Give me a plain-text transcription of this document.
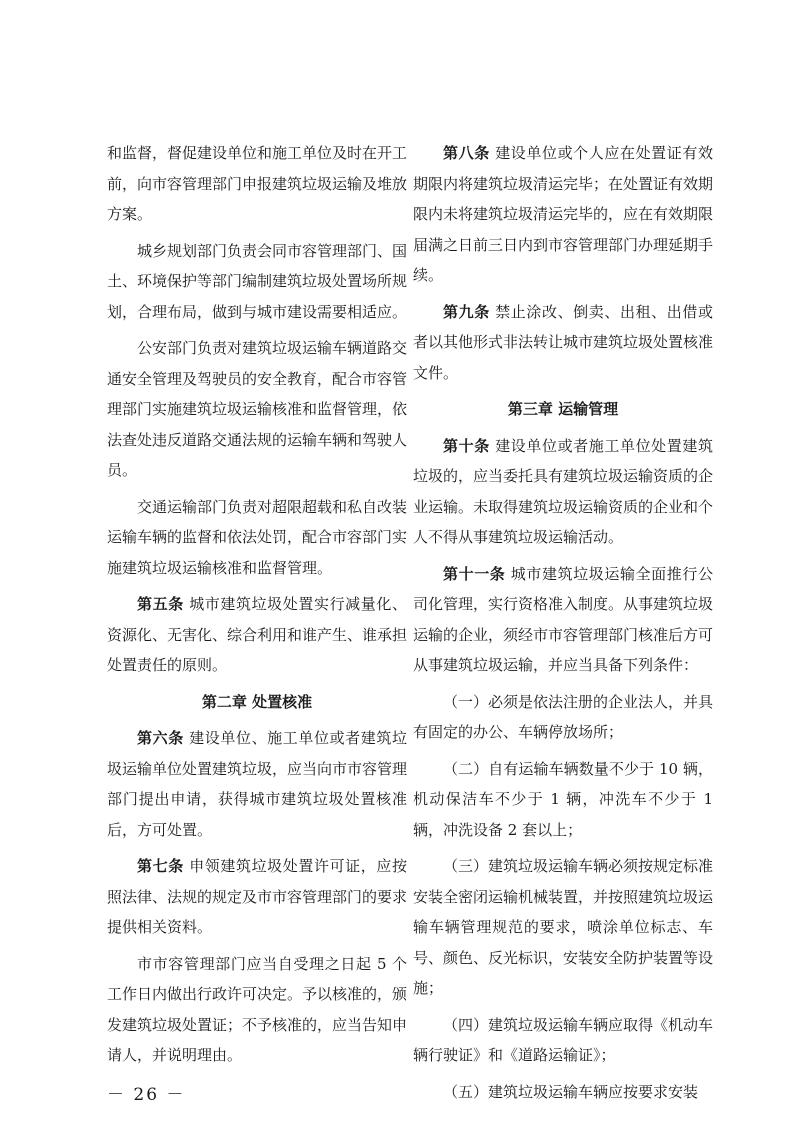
和监督，督促建设单位和施工单位及时在开工前，向市容管理部门申报建筑垃圾运输及堆放方案。
城乡规划部门负责会同市容管理部门、国土、环境保护等部门编制建筑垃圾处置场所规划，合理布局，做到与城市建设需要相适应。
公安部门负责对建筑垃圾运输车辆道路交通安全管理及驾驶员的安全教育，配合市容管理部门实施建筑垃圾运输核准和监督管理，依法查处违反道路交通法规的运输车辆和驾驶人员。
交通运输部门负责对超限超载和私自改装运输车辆的监督和依法处罚，配合市容部门实施建筑垃圾运输核准和监督管理。
第五条 城市建筑垃圾处置实行减量化、资源化、无害化、综合利用和谁产生、谁承担处置责任的原则。
第二章 处置核准
第六条 建设单位、施工单位或者建筑垃圾运输单位处置建筑垃圾，应当向市市容管理部门提出申请，获得城市建筑垃圾处置核准后，方可处置。
第七条 申领建筑垃圾处置许可证，应按照法律、法规的规定及市市容管理部门的要求提供相关资料。
市市容管理部门应当自受理之日起 5 个工作日内做出行政许可决定。予以核准的，颁发建筑垃圾处置证；不予核准的，应当告知申请人，并说明理由。
第八条 建设单位或个人应在处置证有效期限内将建筑垃圾清运完毕；在处置证有效期限内未将建筑垃圾清运完毕的，应在有效期限届满之日前三日内到市容管理部门办理延期手续。
第九条 禁止涂改、倒卖、出租、出借或者以其他形式非法转让城市建筑垃圾处置核准文件。
第三章 运输管理
第十条 建设单位或者施工单位处置建筑垃圾的，应当委托具有建筑垃圾运输资质的企业运输。未取得建筑垃圾运输资质的企业和个人不得从事建筑垃圾运输活动。
第十一条 城市建筑垃圾运输全面推行公司化管理，实行资格准入制度。从事建筑垃圾运输的企业，须经市市容管理部门核准后方可从事建筑垃圾运输，并应当具备下列条件：
（一）必须是依法注册的企业法人，并具有固定的办公、车辆停放场所；
（二）自有运输车辆数量不少于 10 辆，机动保洁车不少于 1 辆，冲洗车不少于 1 辆，冲洗设备 2 套以上；
（三）建筑垃圾运输车辆必须按规定标准安装全密闭运输机械装置，并按照建筑垃圾运输车辆管理规范的要求，喷涂单位标志、车号、颜色、反光标识，安装安全防护装置等设施；
（四）建筑垃圾运输车辆应取得《机动车辆行驶证》和《道路运输证》；
（五）建筑垃圾运输车辆应按要求安装
－ 26 －
